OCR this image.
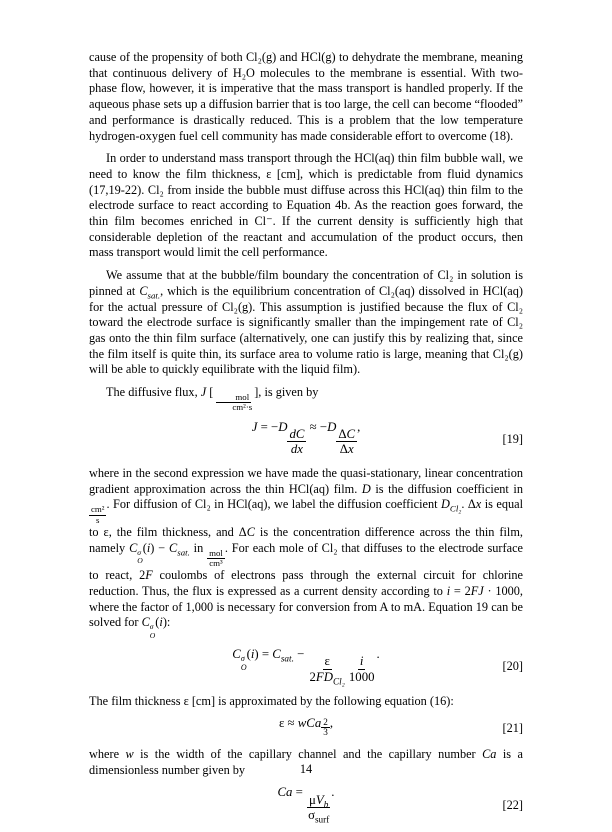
cause of the propensity of both Cl₂(g) and HCl(g) to dehydrate the membrane, meaning that continuous delivery of H₂O molecules to the membrane is essential. With two-phase flow, however, it is imperative that the mass transport is handled properly. If the aqueous phase sets up a diffusion barrier that is too large, the cell can become “flooded” and performance is drastically reduced. This is a problem that the low temperature hydrogen-oxygen fuel cell community has made considerable effort to overcome (18).

In order to understand mass transport through the HCl(aq) thin film bubble wall, we need to know the film thickness, ε [cm], which is predictable from fluid dynamics (17,19-22). Cl₂ from inside the bubble must diffuse across this HCl(aq) thin film to the electrode surface to react according to Equation 4b. As the reaction goes forward, the thin film becomes enriched in Cl⁻. If the current density is sufficiently high that considerable depletion of the reactant and accumulation of the product occurs, then mass transport would limit the cell performance.

We assume that at the bubble/film boundary the concentration of Cl₂ in solution is pinned at $C_{sat.}$, which is the equilibrium concentration of Cl₂(aq) dissolved in HCl(aq) for the actual pressure of Cl₂(g). This assumption is justified because the flux of Cl₂ toward the electrode surface is significantly smaller than the impingement rate of Cl₂ gas onto the thin film surface (alternatively, one can justify this by realizing that, since the film itself is quite thin, its surface area to volume ratio is large, meaning that Cl₂(g) will be able to quickly equilibrate with the liquid film).

The diffusive flux, J [
$\frac{\text{mol}}{\text{cm²·s}}$
], is given by

J = −D
$\frac{dC}{dx}$
≈ −D
$\frac{\Delta C}{\Delta x}$
,
[19]

where in the second expression we have made the quasi-stationary, linear concentration gradient approximation across the thin HCl(aq) film. D is the diffusion coefficient in
$\frac{\text{cm²}}{s}$
. For diffusion of Cl₂ in HCl(aq), we label the diffusion coefficient $D_{Cl_2}$. Δx is equal to ε, the film thickness, and ΔC is the concentration difference across the thin film, namely C σ
O
$(i) - C_{sat.}$ in
$\frac{\text{mol}}{\text{cm³}}$
. For each mole of Cl₂ that diffuses to the electrode surface to react, 2F coulombs of electrons pass through the external circuit for chlorine reduction. Thus, the flux is expressed as a current density according to i = 2FJ · 1000, where the factor of 1,000 is necessary for conversion from A to mA. Equation 19 can be solved for C σ
O
(i):

C σ
O
$(i) = C_{sat.}$ −
$\frac{\varepsilon}{2FD_{Cl_2}} \frac{i}{1000}$
.
[20]

The film thickness ε [cm] is approximated by the following equation (16):

ε ≈ wCa $^{\frac{2}{3}}$ ,	[21]

where w is the width of the capillary channel and the capillary number Ca is a dimensionless number given by

Ca =
$\frac{\mu V_b}{\sigma_{surf}}$
.
[22]
14
